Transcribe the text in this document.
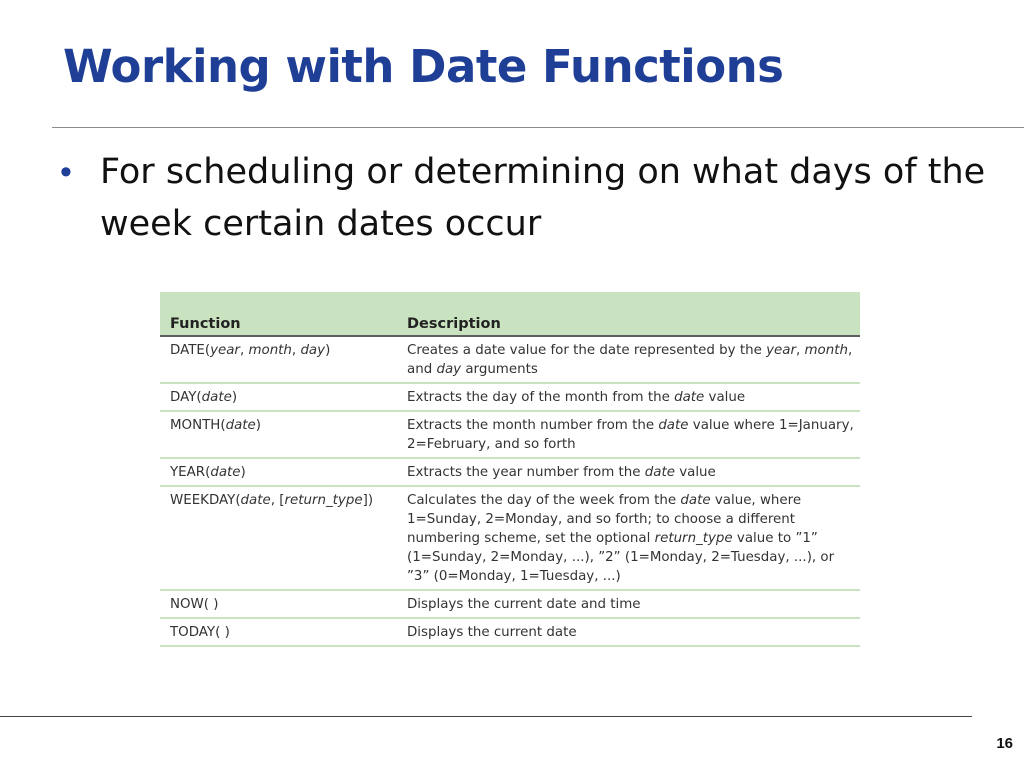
Working with Date Functions
• For scheduling or determining on what days of the week certain dates occur
Function	Description
DATE(year, month, day)	Creates a date value for the date represented by the year, month, and day arguments
DAY(date)	Extracts the day of the month from the date value
MONTH(date)	Extracts the month number from the date value where 1=January, 2=February, and so forth
YEAR(date)	Extracts the year number from the date value
WEEKDAY(date, [return_type])	Calculates the day of the week from the date value, where 1=Sunday, 2=Monday, and so forth; to choose a different numbering scheme, set the optional return_type value to ”1” (1=Sunday, 2=Monday, ...), ”2” (1=Monday, 2=Tuesday, ...), or ”3” (0=Monday, 1=Tuesday, ...)
NOW( )	Displays the current date and time
TODAY( )	Displays the current date
16
